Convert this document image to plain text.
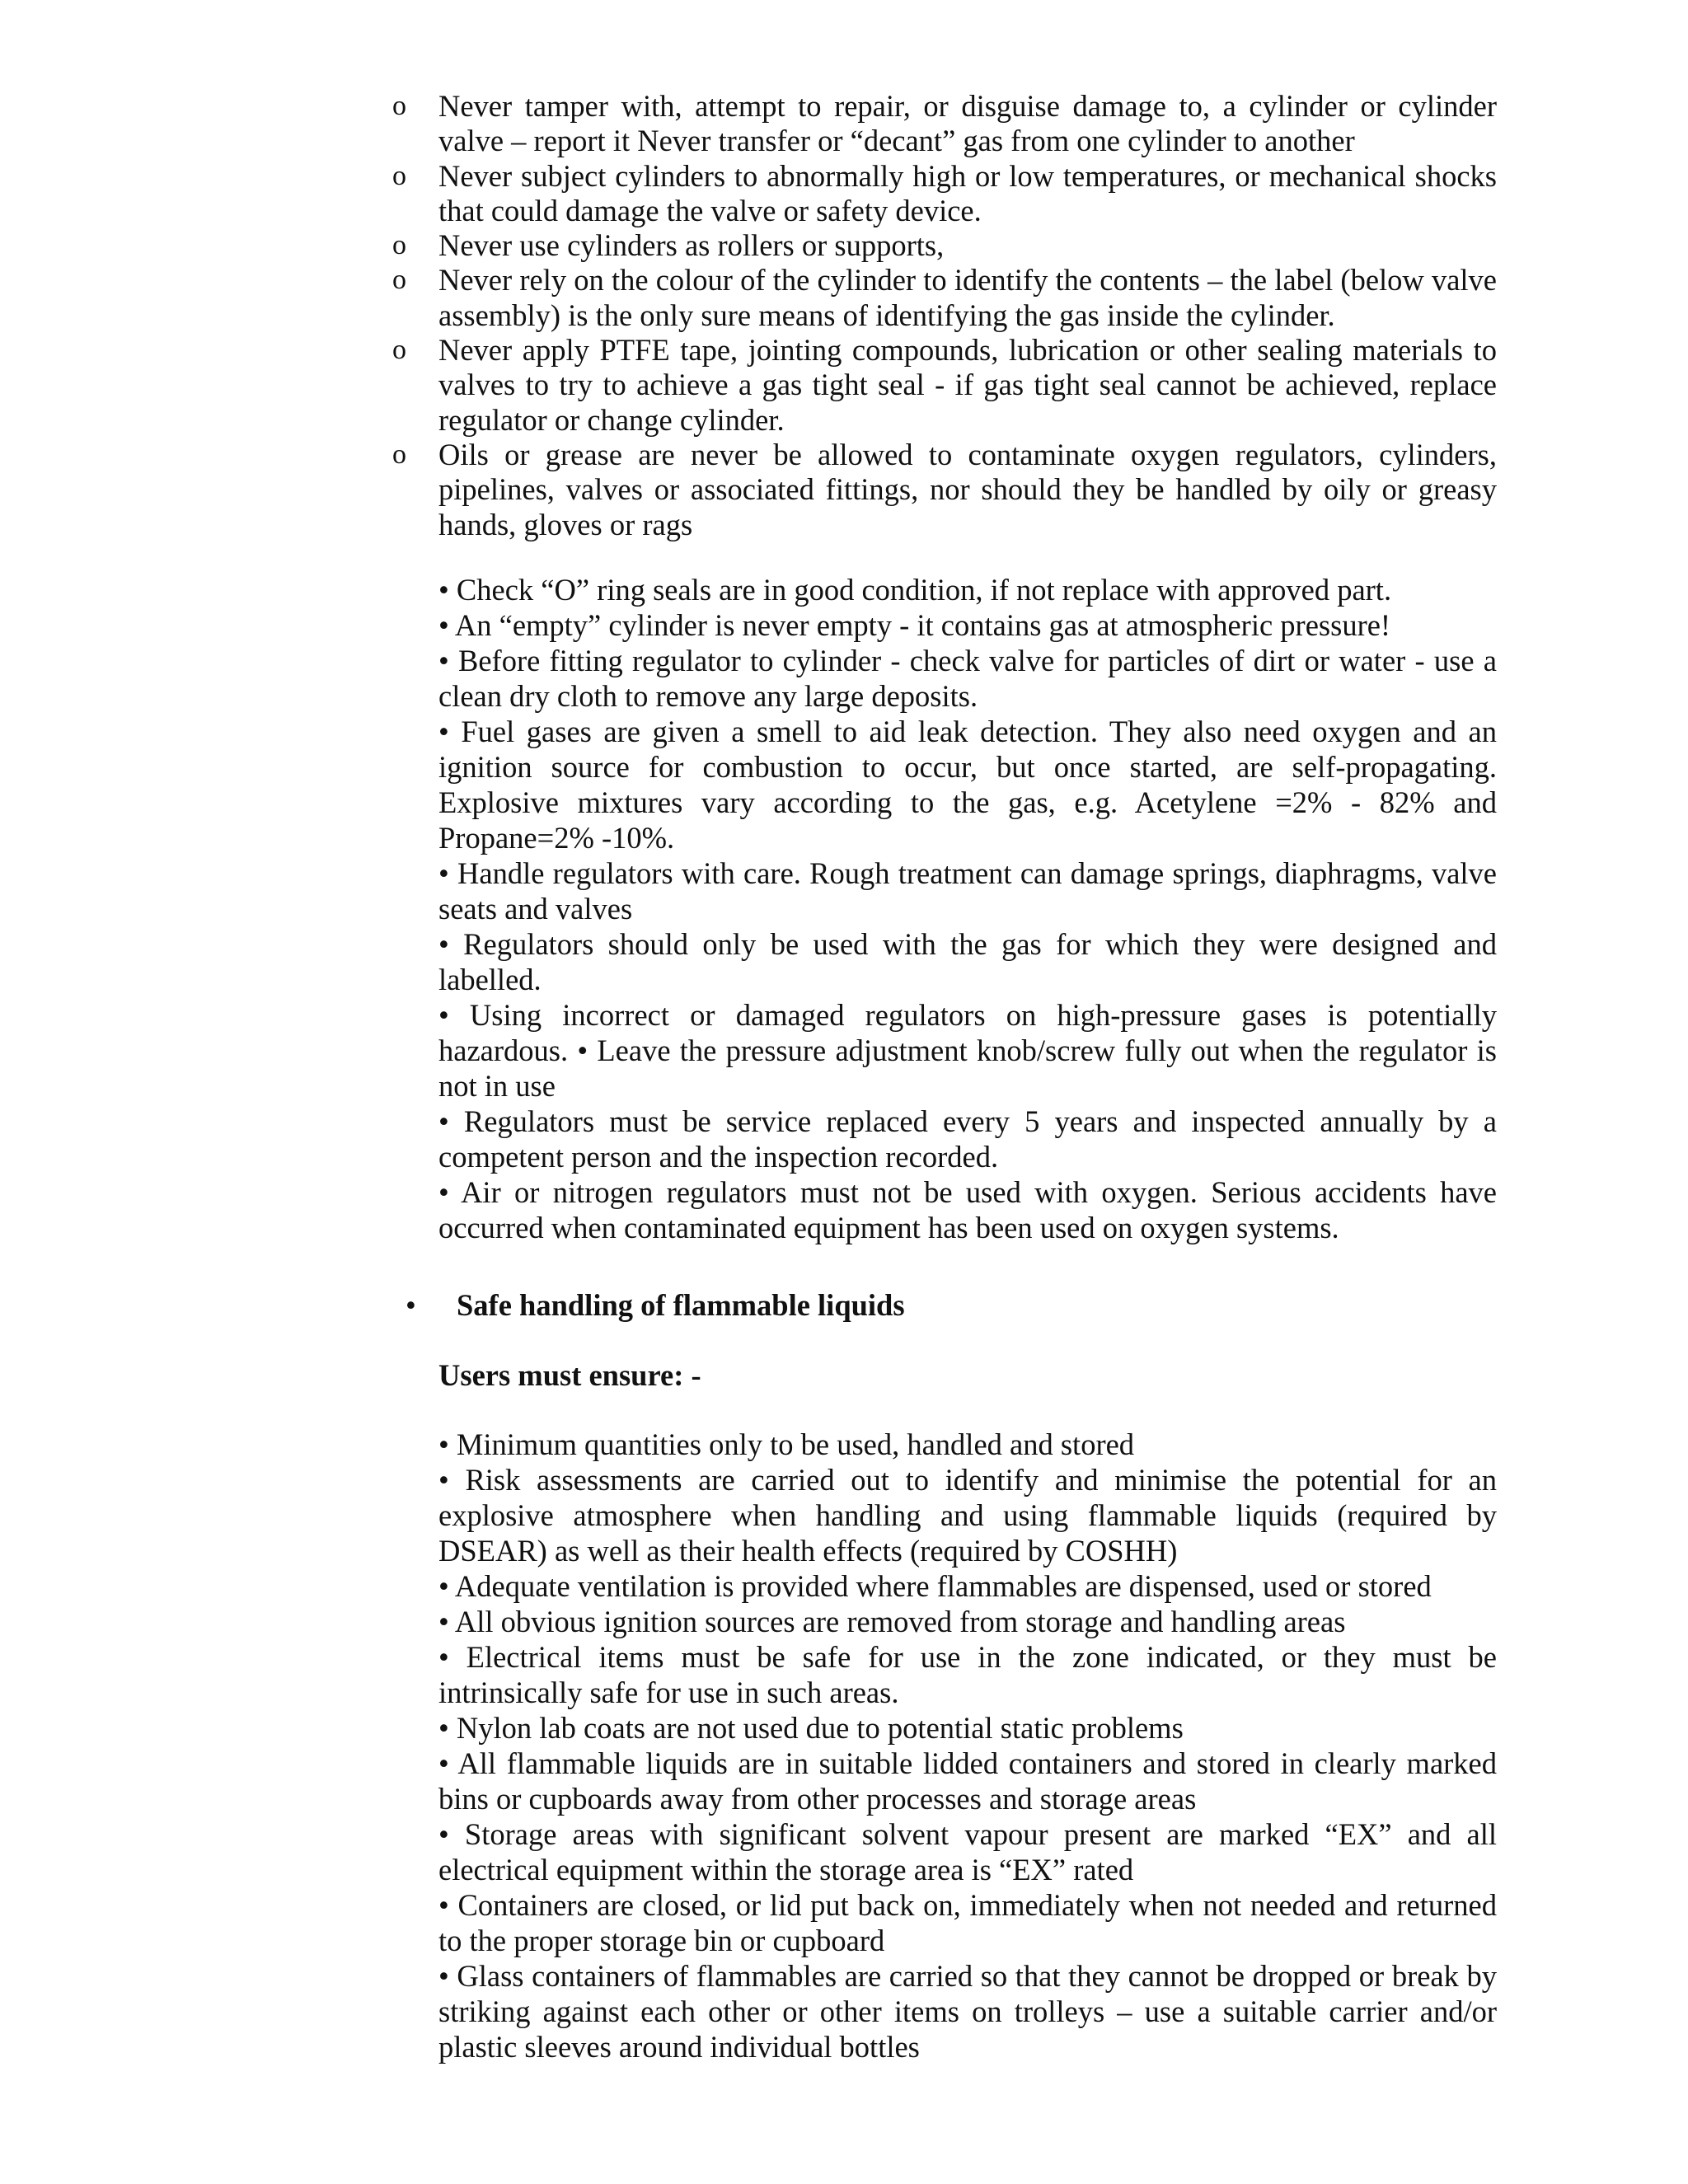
o Never tamper with, attempt to repair, or disguise damage to, a cylinder or cylinder valve – report it Never transfer or “decant” gas from one cylinder to another
o Never subject cylinders to abnormally high or low temperatures, or mechanical shocks that could damage the valve or safety device.
o Never use cylinders as rollers or supports,
o Never rely on the colour of the cylinder to identify the contents – the label (below valve assembly) is the only sure means of identifying the gas inside the cylinder.
o Never apply PTFE tape, jointing compounds, lubrication or other sealing materials to valves to try to achieve a gas tight seal - if gas tight seal cannot be achieved, replace regulator or change cylinder.
o Oils or grease are never be allowed to contaminate oxygen regulators, cylinders, pipelines, valves or associated fittings, nor should they be handled by oily or greasy hands, gloves or rags

• Check “O” ring seals are in good condition, if not replace with approved part.

• An “empty” cylinder is never empty - it contains gas at atmospheric pressure!

• Before fitting regulator to cylinder - check valve for particles of dirt or water - use a clean dry cloth to remove any large deposits.

• Fuel gases are given a smell to aid leak detection. They also need oxygen and an ignition source for combustion to occur, but once started, are self-propagating. Explosive mixtures vary according to the gas, e.g. Acetylene =2% - 82% and Propane=2% -10%.

• Handle regulators with care. Rough treatment can damage springs, diaphragms, valve seats and valves

• Regulators should only be used with the gas for which they were designed and labelled.

• Using incorrect or damaged regulators on high-pressure gases is potentially hazardous. • Leave the pressure adjustment knob/screw fully out when the regulator is not in use

• Regulators must be service replaced every 5 years and inspected annually by a competent person and the inspection recorded.

• Air or nitrogen regulators must not be used with oxygen. Serious accidents have occurred when contaminated equipment has been used on oxygen systems.

• Safe handling of flammable liquids
Users must ensure: -

• Minimum quantities only to be used, handled and stored

• Risk assessments are carried out to identify and minimise the potential for an explosive atmosphere when handling and using flammable liquids (required by DSEAR) as well as their health effects (required by COSHH)

• Adequate ventilation is provided where flammables are dispensed, used or stored

• All obvious ignition sources are removed from storage and handling areas

• Electrical items must be safe for use in the zone indicated, or they must be intrinsically safe for use in such areas.

• Nylon lab coats are not used due to potential static problems

• All flammable liquids are in suitable lidded containers and stored in clearly marked bins or cupboards away from other processes and storage areas

• Storage areas with significant solvent vapour present are marked “EX” and all electrical equipment within the storage area is “EX” rated

• Containers are closed, or lid put back on, immediately when not needed and returned to the proper storage bin or cupboard

• Glass containers of flammables are carried so that they cannot be dropped or break by striking against each other or other items on trolleys – use a suitable carrier and/or plastic sleeves around individual bottles
